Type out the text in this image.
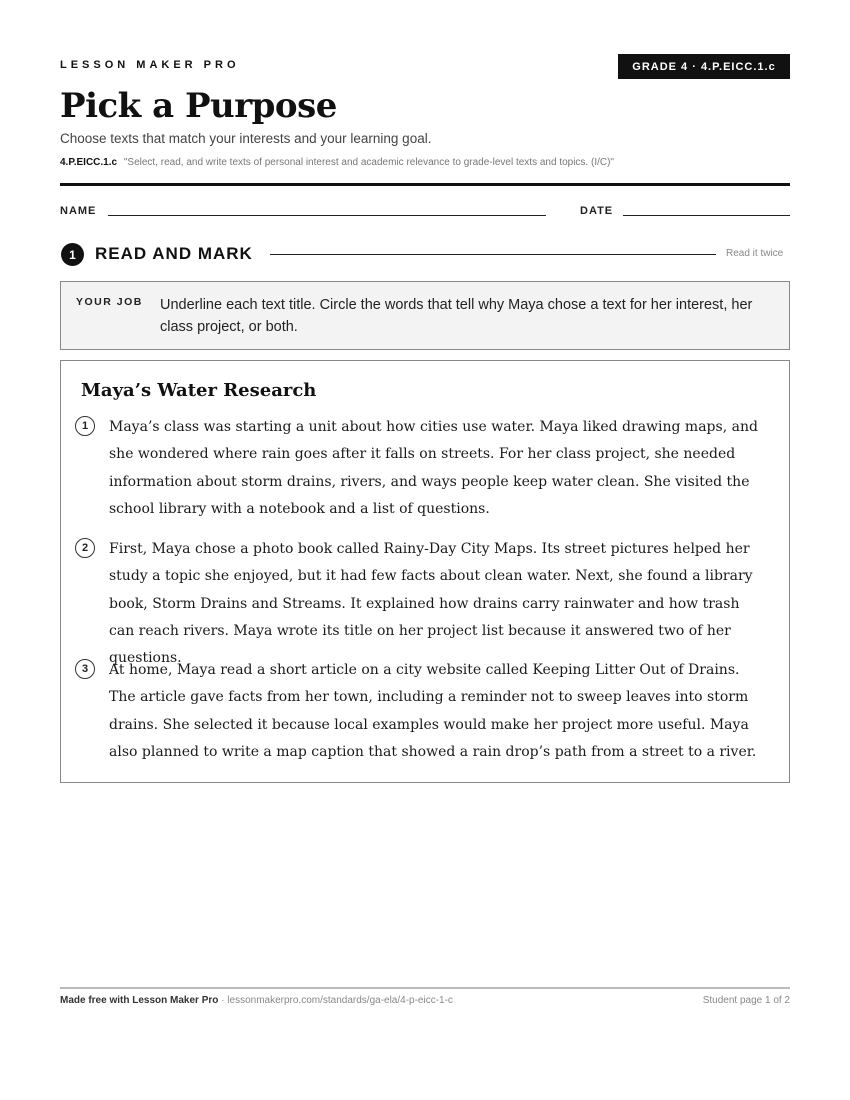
LESSON MAKER PRO	GRADE 4 · 4.P.EICC.1.c
Pick a Purpose
Choose texts that match your interests and your learning goal.
4.P.EICC.1.c "Select, read, and write texts of personal interest and academic relevance to grade-level texts and topics. (I/C)"
NAME	DATE
1	READ AND MARK	Read it twice
YOUR JOB Underline each text title. Circle the words that tell why Maya chose a text for her interest, her class project, or both.
Maya’s Water Research
1	Maya’s class was starting a unit about how cities use water. Maya liked drawing maps, and she wondered where rain goes after it falls on streets. For her class project, she needed information about storm drains, rivers, and ways people keep water clean. She visited the school library with a notebook and a list of questions.
2	First, Maya chose a photo book called Rainy-Day City Maps. Its street pictures helped her study a topic she enjoyed, but it had few facts about clean water. Next, she found a library book, Storm Drains and Streams. It explained how drains carry rainwater and how trash can reach rivers. Maya wrote its title on her project list because it answered two of her questions.
3	At home, Maya read a short article on a city website called Keeping Litter Out of Drains. The article gave facts from her town, including a reminder not to sweep leaves into storm drains. She selected it because local examples would make her project more useful. Maya also planned to write a map caption that showed a rain drop’s path from a street to a river.
Made free with Lesson Maker Pro · lessonmakerpro.com/standards/ga-ela/4-p-eicc-1-c	Student page 1 of 2
